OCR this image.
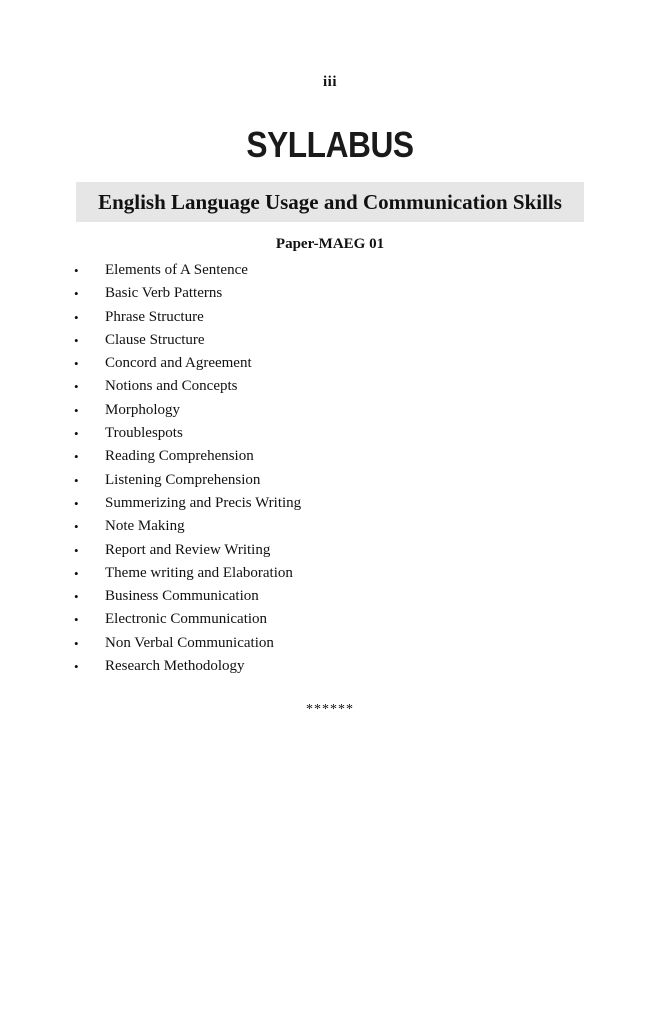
iii
SYLLABUS
English Language Usage and Communication Skills
Paper-MAEG 01
• Elements of A Sentence
• Basic Verb Patterns
• Phrase Structure
• Clause Structure
• Concord and Agreement
• Notions and Concepts
• Morphology
• Troublespots
• Reading Comprehension
• Listening Comprehension
• Summerizing and Precis Writing
• Note Making
• Report and Review Writing
• Theme writing and Elaboration
• Business Communication
• Electronic Communication
• Non Verbal Communication
• Research Methodology
******
